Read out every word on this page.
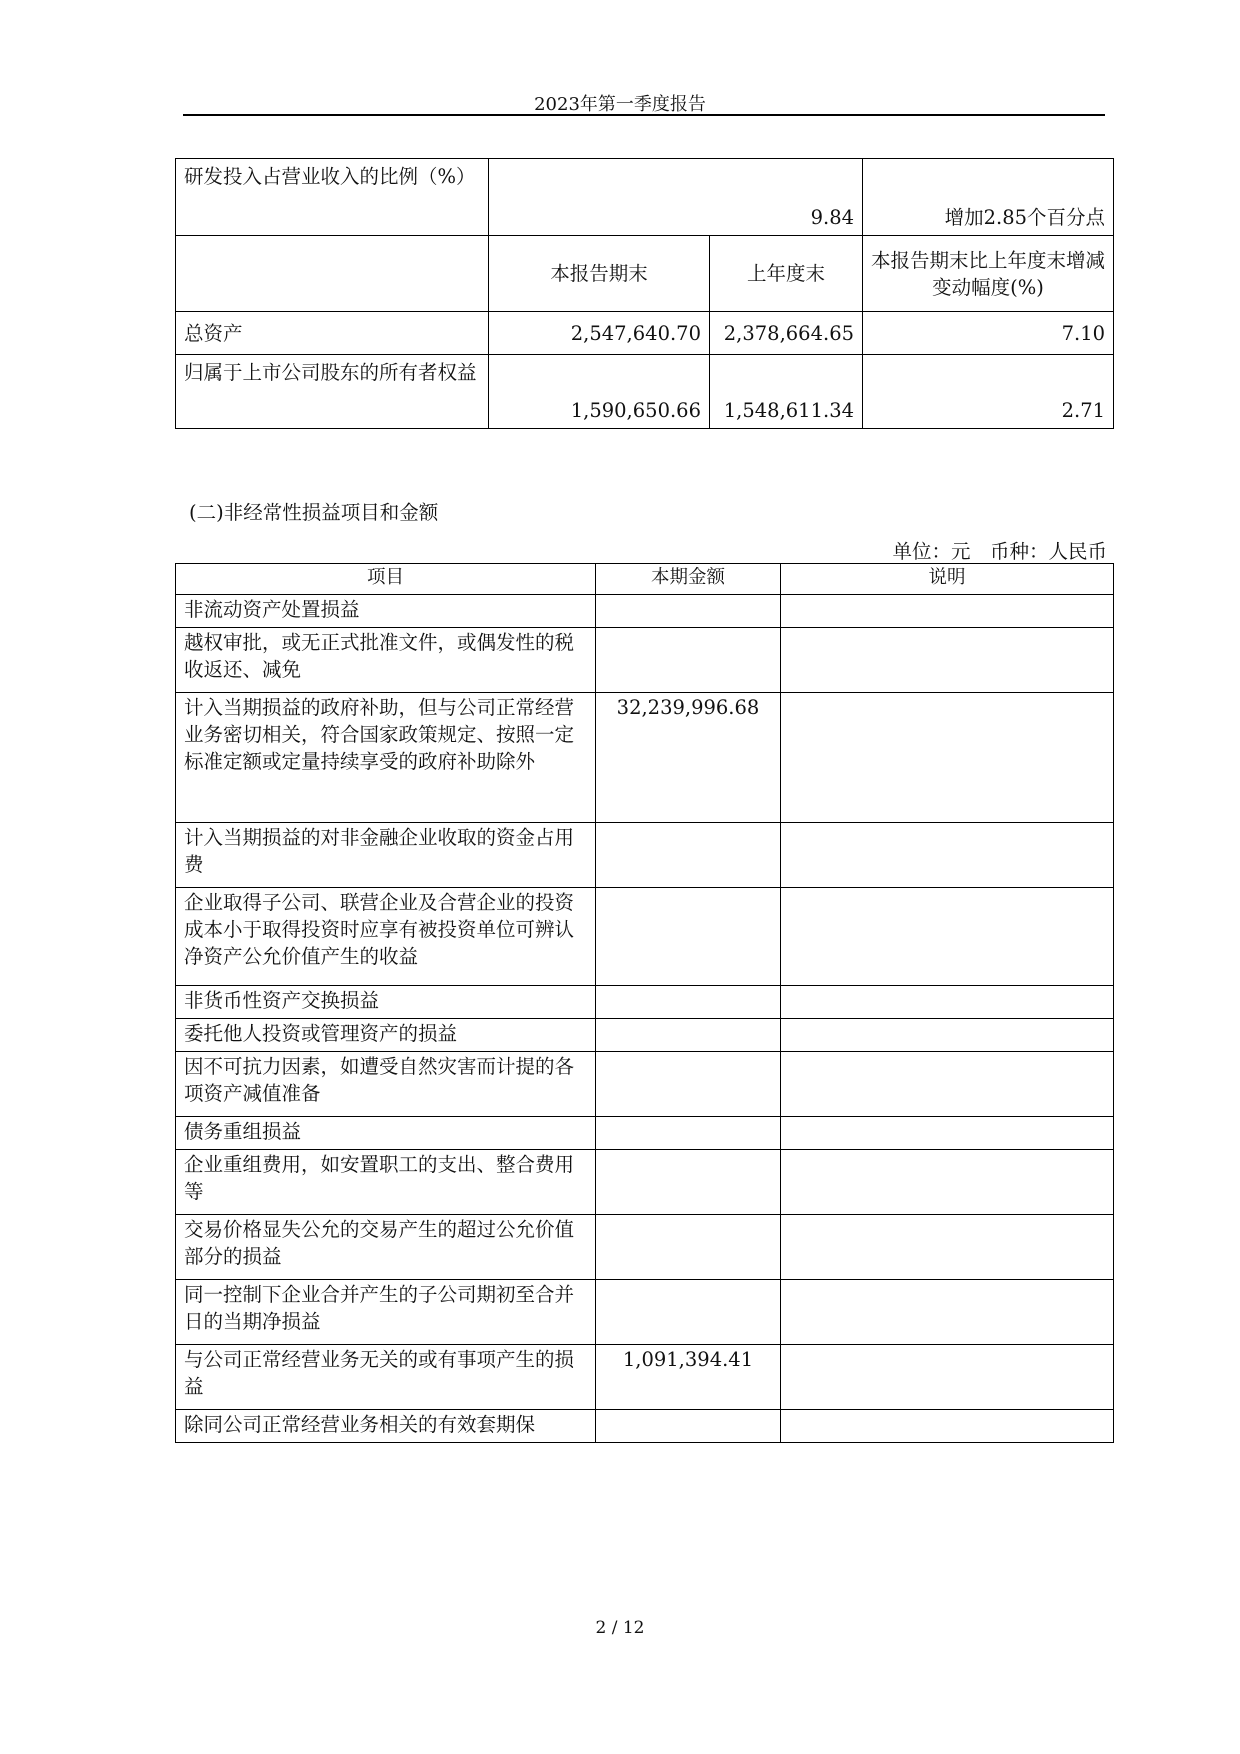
2023年第一季度报告
研发投入占营业收入的比例（%）	9.84		增加2.85个百分点
	本报告期末	上年度末	本报告期末比上年度末增减变动幅度(%)
总资产	2,547,640.70	2,378,664.65	7.10
归属于上市公司股东的所有者权益	1,590,650.66	1,548,611.34	2.71
(二)非经常性损益项目和金额
单位：元　币种：人民币
项目	本期金额	说明
非流动资产处置损益		
越权审批，或无正式批准文件，或偶发性的税收返还、减免		
计入当期损益的政府补助，但与公司正常经营业务密切相关，符合国家政策规定、按照一定标准定额或定量持续享受的政府补助除外	32,239,996.68	
计入当期损益的对非金融企业收取的资金占用费		
企业取得子公司、联营企业及合营企业的投资成本小于取得投资时应享有被投资单位可辨认净资产公允价值产生的收益		
非货币性资产交换损益		
委托他人投资或管理资产的损益		
因不可抗力因素，如遭受自然灾害而计提的各项资产减值准备		
债务重组损益		
企业重组费用，如安置职工的支出、整合费用等		
交易价格显失公允的交易产生的超过公允价值部分的损益		
同一控制下企业合并产生的子公司期初至合并日的当期净损益		
与公司正常经营业务无关的或有事项产生的损益	1,091,394.41	
除同公司正常经营业务相关的有效套期保		
2 / 12
